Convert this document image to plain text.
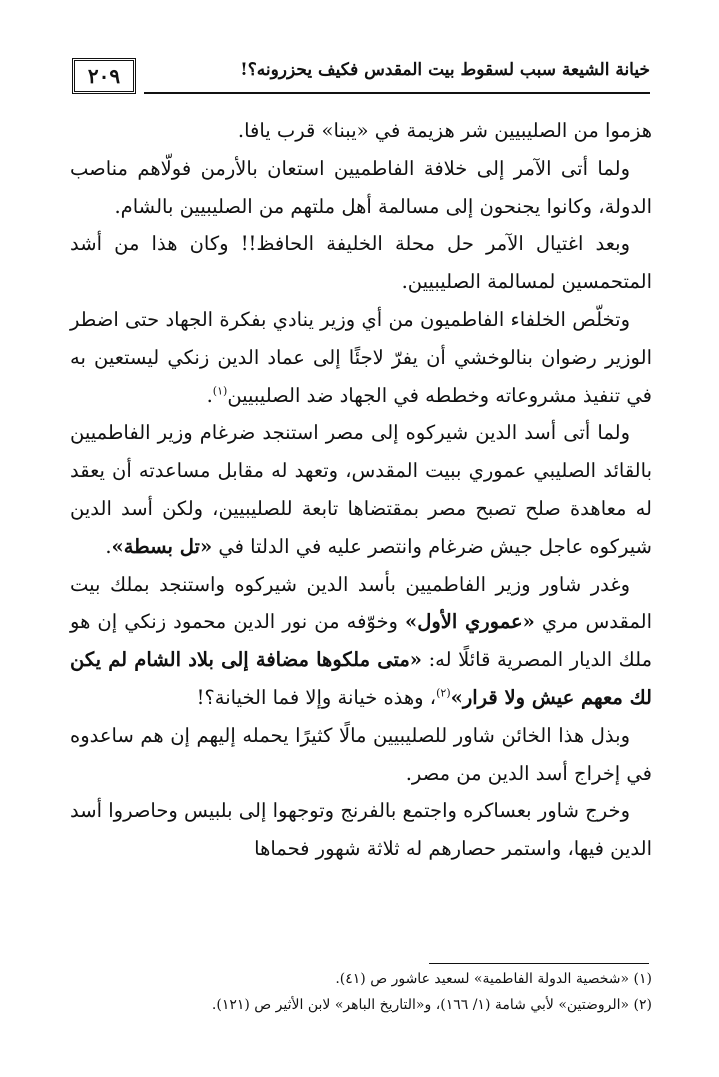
خيانة الشيعة سبب لسقوط بيت المقدس فكيف يحزرونه؟!
٢٠٩

هزموا من الصليبيين شر هزيمة في «يبنا» قرب يافا.

ولما أتى الآمر إلى خلافة الفاطميين استعان بالأرمن فولّاهم مناصب الدولة، وكانوا يجنحون إلى مسالمة أهل ملتهم من الصليبيين بالشام.

وبعد اغتيال الآمر حل محلة الخليفة الحافظ!! وكان هذا من أشد المتحمسين لمسالمة الصليبيين.

وتخلّص الخلفاء الفاطميون من أي وزير ينادي بفكرة الجهاد حتى اضطر الوزير رضوان بنالوخشي أن يفرّ لاجئًا إلى عماد الدين زنكي ليستعين به في تنفيذ مشروعاته وخططه في الجهاد ضد الصليبيين$^{(١)}$.

ولما أتى أسد الدين شيركوه إلى مصر استنجد ضرغام وزير الفاطميين بالقائد الصليبي عموري ببيت المقدس، وتعهد له مقابل مساعدته أن يعقد له معاهدة صلح تصبح مصر بمقتضاها تابعة للصليبيين، ولكن أسد الدين شيركوه عاجل جيش ضرغام وانتصر عليه في الدلتا في «تل بسطة».

وغدر شاور وزير الفاطميين بأسد الدين شيركوه واستنجد بملك بيت المقدس مري «عموري الأول» وخوّفه من نور الدين محمود زنكي إن هو ملك الديار المصرية قائلًا له: «متى ملكوها مضافة إلى بلاد الشام لم يكن لك معهم عيش ولا قرار»$^{(٢)}$، وهذه خيانة وإلا فما الخيانة؟!

وبذل هذا الخائن شاور للصليبيين مالًا كثيرًا يحمله إليهم إن هم ساعدوه في إخراج أسد الدين من مصر.

وخرج شاور بعساكره واجتمع بالفرنج وتوجهوا إلى بلبيس وحاصروا أسد الدين فيها، واستمر حصارهم له ثلاثة شهور فحماها

(١) «شخصية الدولة الفاطمية» لسعيد عاشور ص (٤١).
(٢) «الروضتين» لأبي شامة (١/ ١٦٦)، و«التاريخ الباهر» لابن الأثير ص (١٢١).
